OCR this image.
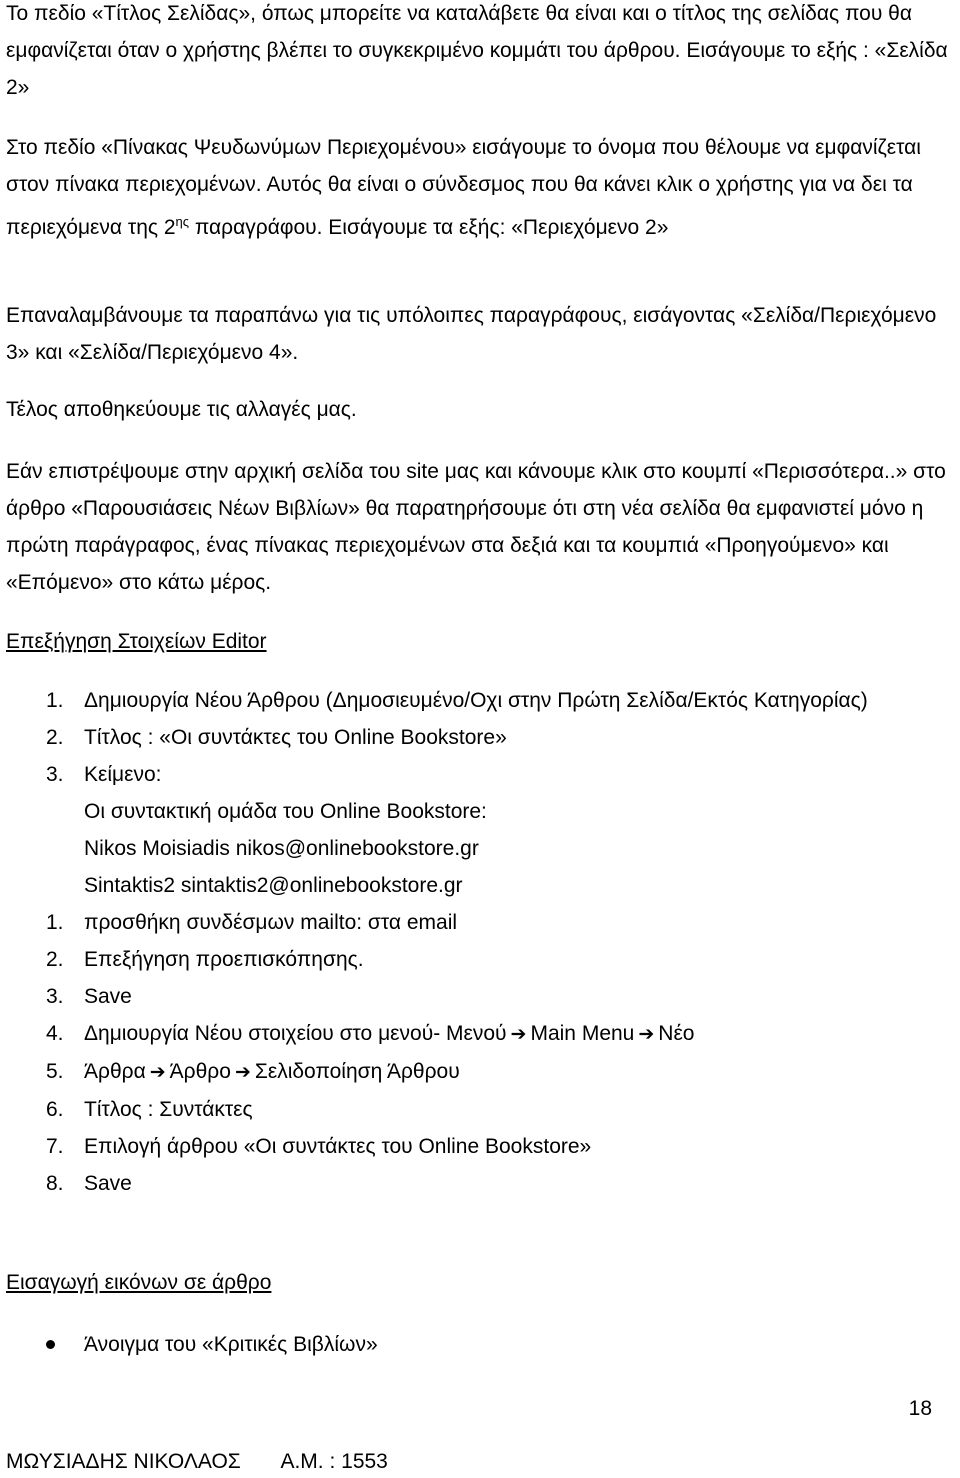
Το πεδίο «Τίτλος Σελίδας», όπως μπορείτε να καταλάβετε θα είναι και ο τίτλος της σελίδας που θα εμφανίζεται όταν ο χρήστης βλέπει το συγκεκριμένο κομμάτι του άρθρου. Εισάγουμε το εξής : «Σελίδα 2»

Στο πεδίο «Πίνακας Ψευδωνύμων Περιεχομένου» εισάγουμε το όνομα που θέλουμε να εμφανίζεται στον πίνακα περιεχομένων. Αυτός θα είναι ο σύνδεσμος που θα κάνει κλικ ο χρήστης για να δει τα περιεχόμενα της $2^{\eta\varsigma}$ παραγράφου. Εισάγουμε τα εξής: «Περιεχόμενο 2»

Επαναλαμβάνουμε τα παραπάνω για τις υπόλοιπες παραγράφους, εισάγοντας «Σελίδα/Περιεχόμενο 3» και «Σελίδα/Περιεχόμενο 4».

Τέλος αποθηκεύουμε τις αλλαγές μας.

Εάν επιστρέψουμε στην αρχική σελίδα του site μας και κάνουμε κλικ στο κουμπί «Περισσότερα..» στο άρθρο «Παρουσιάσεις Νέων Βιβλίων» θα παρατηρήσουμε ότι στη νέα σελίδα θα εμφανιστεί μόνο η πρώτη παράγραφος, ένας πίνακας περιεχομένων στα δεξιά και τα κουμπιά «Προηγούμενο» και «Επόμενο» στο κάτω μέρος.

Επεξήγηση Στοιχείων Editor
1. Δημιουργία Νέου Άρθρου (Δημοσιευμένο/Οχι στην Πρώτη Σελίδα/Εκτός Κατηγορίας)
2. Τίτλος : «Οι συντάκτες του Online Bookstore»
3. Κείμενο:
Οι συντακτική ομάδα του Online Bookstore:
Nikos Moisiadis nikos@onlinebookstore.gr
Sintaktis2 sintaktis2@onlinebookstore.gr
1. προσθήκη συνδέσμων mailto: στα email
2. Επεξήγηση προεπισκόπησης.
3. Save
4. Δημιουργία Νέου στοιχείου στο μενού- Μενού ➔ Main Menu ➔ Νέο
5. Άρθρα ➔ Άρθρο ➔ Σελιδοποίηση Άρθρου
6. Τίτλος : Συντάκτες
7. Επιλογή άρθρου «Οι συντάκτες του Online Bookstore»
8. Save
Εισαγωγή εικόνων σε άρθρο
Άνοιγμα του «Κριτικές Βιβλίων»
18
ΜΩΥΣΙΑΔΗΣ ΝΙΚΟΛΑΟΣ Α.Μ. : 1553
